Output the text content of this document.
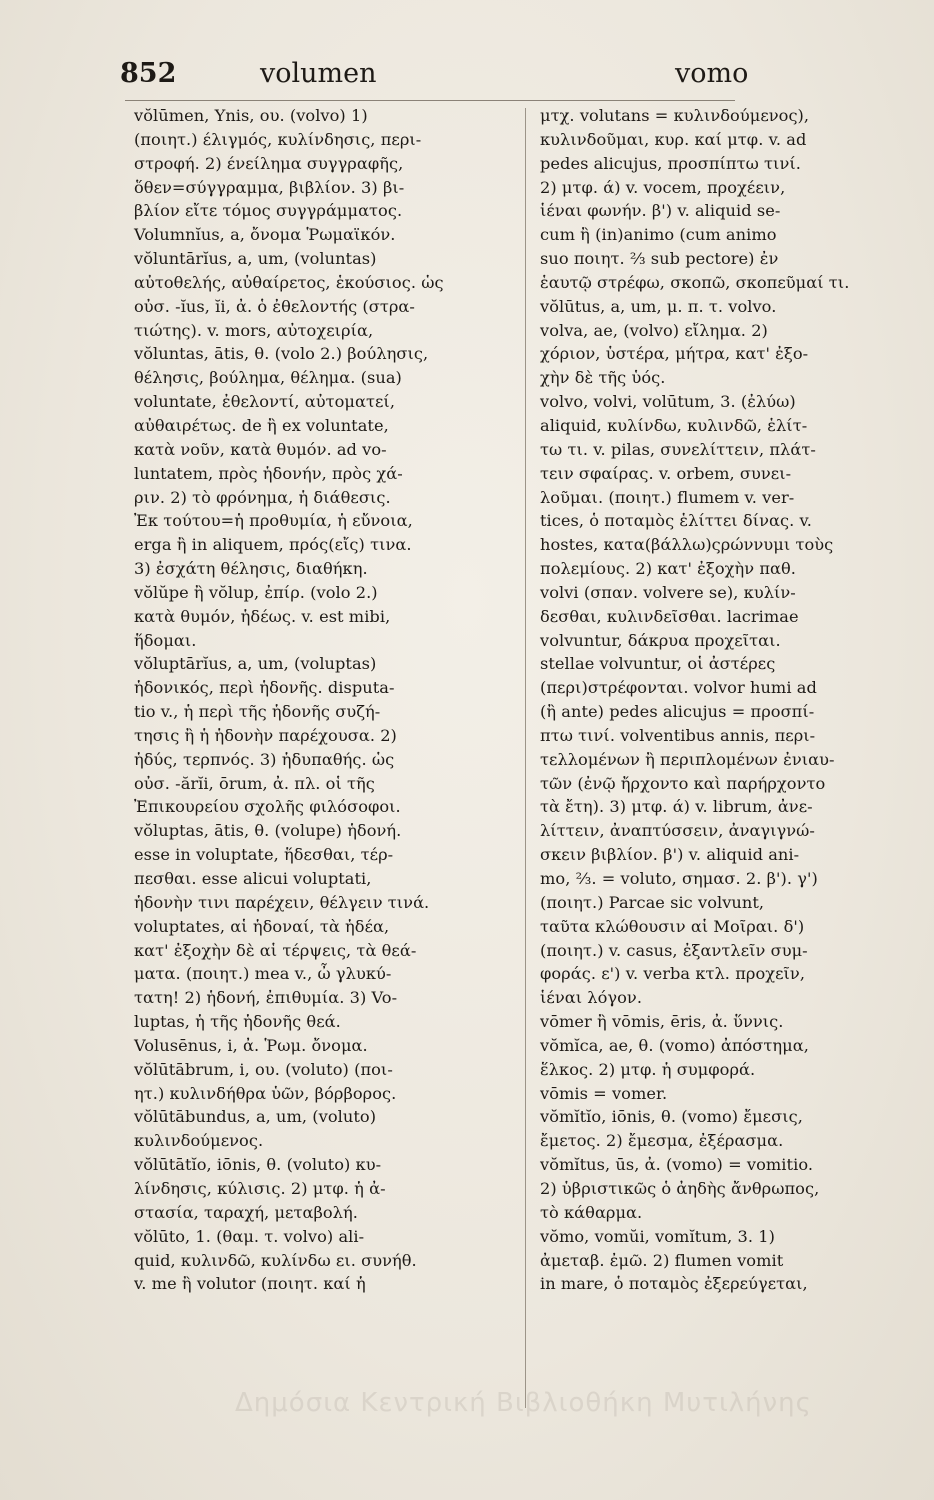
852	volumen	vomo
vŏlūmen, Ynis, ου. (volvo) 1)
(ποιητ.) έλιγμός, κυλίνδησις, περι-
στροφή. 2) ένείλημα συγγραφῆς,
ὅθεν=σύγγραμμα, βιβλίον. 3) βι-
βλίον εἴτε τόμος συγγράμματος.
Volumnĭus, a, ὄνομα Ῥωμαϊκόν.
vŏluntārĭus, a, um, (voluntas)
αὐτοθελής, αὐθαίρετος, ἑκούσιος. ὡς
οὐσ. -ĭus, ĭi, ἀ. ὁ ἐθελοντής (στρα-
τιώτης). v. mors, αὐτοχειρία,
vŏluntas, ātis, θ. (volo 2.) βούλησις,
θέλησις, βούλημα, θέλημα. (sua)
voluntate, ἐθελοντί, αὐτοματεί,
αὐθαιρέτως. de ἢ ex voluntate,
κατὰ νοῦν, κατὰ θυμόν. ad vo-
luntatem, πρὸς ἡδονήν, πρὸς χά-
ριν. 2) τὸ φρόνημα, ἡ διάθεσις.
Ἐκ τούτου=ἡ προθυμία, ἡ εὔνοια,
erga ἢ in aliquem, πρός(εἴς) τινα.
3) ἐσχάτη θέλησις, διαθήκη.
vŏlŭpe ἢ vŏlup, ἐπίρ. (volo 2.)
κατὰ θυμόν, ἡδέως. v. est mibi,
ἥδομαι.
vŏluptārĭus, a, um, (voluptas)
ἡδονικός, περὶ ἡδονῆς. disputa-
tio v., ἡ περὶ τῆς ἡδονῆς συζή-
τησις ἢ ἡ ἡδονὴν παρέχουσα. 2)
ἡδύς, τερπνός. 3) ἡδυπαθής. ὡς
οὐσ. -ărĭi, ōrum, ἀ. πλ. οἱ τῆς
Ἐπικουρείου σχολῆς φιλόσοφοι.
vŏluptas, ātis, θ. (volupe) ἡδονή.
esse in voluptate, ἥδεσθαι, τέρ-
πεσθαι. esse alicui voluptati,
ἡδονὴν τινι παρέχειν, θέλγειν τινά.
voluptates, αἱ ἡδοναί, τὰ ἡδέα,
κατ' ἐξοχὴν δὲ αἱ τέρψεις, τὰ θεά-
ματα. (ποιητ.) mea v., ὦ γλυκύ-
τατη! 2) ἡδονή, ἐπιθυμία. 3) Vo-
luptas, ἡ τῆς ἡδονῆς θεά.
Volusēnus, i, ἀ. Ῥωμ. ὄνομα.
vŏlūtābrum, i, ου. (voluto) (ποι-
ητ.) κυλινδήθρα ὑῶν, βόρβορος.
vŏlūtābundus, a, um, (voluto)
κυλινδούμενος.
vŏlūtātĭo, iōnis, θ. (voluto) κυ-
λίνδησις, κύλισις. 2) μτφ. ἡ ἀ-
στασία, ταραχή, μεταβολή.
vŏlūto, 1. (θαμ. τ. volvo) ali-
quid, κυλινδῶ, κυλίνδω ει. συνήθ.
v. me ἢ volutor (ποιητ. καί ἡ
μτχ. volutans = κυλινδούμενος),
κυλινδοῦμαι, κυρ. καί μτφ. v. ad
pedes alicujus, προσπίπτω τινί.
2) μτφ. ά) v. vocem, προχέειν,
ἱέναι φωνήν. β') v. aliquid se-
cum ἢ (in)animo (cum animo
suo ποιητ. ⅔ sub pectore) ἐν
ἑαυτῷ στρέφω, σκοπῶ, σκοπεῦμαί τι.
vŏlūtus, a, um, μ. π. τ. volvo.
volva, ae, (volvo) εἴλημα. 2)
χόριον, ὑστέρα, μήτρα, κατ' ἐξο-
χὴν δὲ τῆς ὑός.
volvo, volvi, volūtum, 3. (ἐλύω)
aliquid, κυλίνδω, κυλινδῶ, ἑλίτ-
τω τι. v. pilas, συνελίττειν, πλάτ-
τειν σφαίρας. v. orbem, συνει-
λοῦμαι. (ποιητ.) flumem v. ver-
tices, ὁ ποταμὸς ἑλίττει δίνας. v.
hostes, κατα(βάλλω)ςρώννυμι τοὺς
πολεμίους. 2) κατ' ἐξοχὴν παθ.
volvi (σπαν. volvere se), κυλίν-
δεσθαι, κυλινδεῖσθαι. lacrimae
volvuntur, δάκρυα προχεῖται.
stellae volvuntur, οἱ ἀστέρες
(περι)στρέφονται. volvor humi ad
(ἢ ante) pedes alicujus = προσπί-
πτω τινί. volventibus annis, περι-
τελλομένων ἢ περιπλομένων ἐνιαυ-
τῶν (ἐνῷ ἤρχοντο καὶ παρήρχοντο
τὰ ἔτη). 3) μτφ. ά) v. librum, ἀνε-
λίττειν, ἀναπτύσσειν, ἀναγιγνώ-
σκειν βιβλίον. β') v. aliquid ani-
mo, ⅔. = voluto, σημασ. 2. β'). γ')
(ποιητ.) Parcae sic volvunt,
ταῦτα κλώθουσιν αἱ Μοῖραι. δ')
(ποιητ.) v. casus, ἐξαντλεῖν συμ-
φοράς. ε') v. verba κτλ. προχεῖν,
ἱέναι λόγον.
vōmer ἢ vōmis, ēris, ἀ. ὕννις.
vŏmĭca, ae, θ. (vomo) ἀπόστημα,
ἕλκος. 2) μτφ. ἡ συμφορά.
vōmis = vomer.
vŏmĭtĭo, iōnis, θ. (vomo) ἔμεσις,
ἔμετος. 2) ἔμεσμα, ἐξέρασμα.
vŏmĭtus, ūs, ἀ. (vomo) = vomitio.
2) ὑβριστικῶς ὁ ἀηδὴς ἄνθρωπος,
τὸ κάθαρμα.
vŏmo, vomŭi, vomĭtum, 3. 1)
ἀμεταβ. ἐμῶ. 2) flumen vomit
in mare, ὁ ποταμὸς ἐξερεύγεται,
Δημόσια Κεντρική Βιβλιοθήκη Μυτιλήνης
